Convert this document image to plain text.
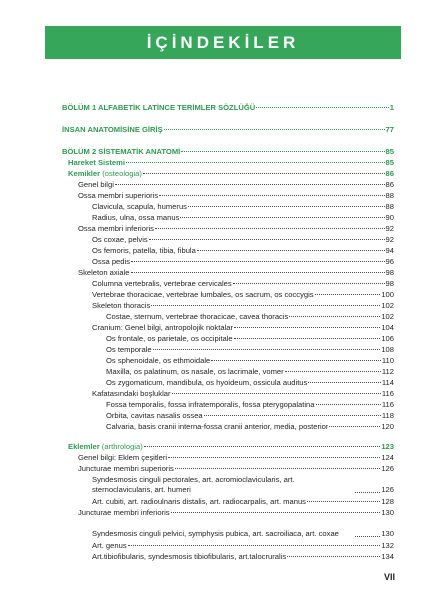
İÇİNDEKİLER
BÖLÜM 1 ALFABETİK LATİNCE TERİMLER SÖZLÜĞÜ	1
İNSAN ANATOMİSİNE GİRİŞ	77
BÖLÜM 2 SİSTEMATİK ANATOMİ	85
Hareket Sistemi	85
Kemikler (osteologia)	86
Genel bilgi	86
Ossa membri superioris	88
Clavicula, scapula, humerus	88
Radius, ulna, ossa manus	90
Ossa membri inferioris	92
Os coxae, pelvis	92
Os femoris, patella, tibia, fibula	94
Ossa pedis	96
Skeleton axiale	98
Columna vertebralis, vertebrae cervicales	98
Vertebrae thoracicae, vertebrae lumbales, os sacrum, os coccygis	100
Skeleton thoracis	102
Costae, sternum, vertebrae thoracicae, cavea thoracis	102
Cranium: Genel bilgi, antropolojik noktalar	104
Os frontale, os parietale, os occipitale	106
Os temporale	108
Os sphenoidale, os ethmoidale	110
Maxilla, os palatinum, os nasale, os lacrimale, vomer	112
Os zygomaticum, mandibula, os hyoideum, ossicula auditus	114
Kafatasındaki boşluklar	116
Fossa temporalis, fossa infratemporalis, fossa pterygopalatina	116
Orbita, cavitas nasalis ossea	118
Calvaria, basis cranii interna-fossa cranii anterior, media, posterior	120
Eklemler (arthrologia)	123
Genel bilgi: Eklem çeşitleri	124
Juncturae membri superioris	126
Syndesmosis cinguli pectorales, art. acromioclavicularis, art. sternoclavicularis, art. humeri	126
Art. cubiti, art. radioulnaris distalis, art. radiocarpalis, art. manus	128
Juncturae membri inferioris	130
Syndesmosis cinguli pelvici, symphysis pubica, art. sacroiliaca, art. coxae	130
Art. genus	132
Art.tibiofibularis, syndesmosis tibiofibularis, art.talocruralis	134
VII
